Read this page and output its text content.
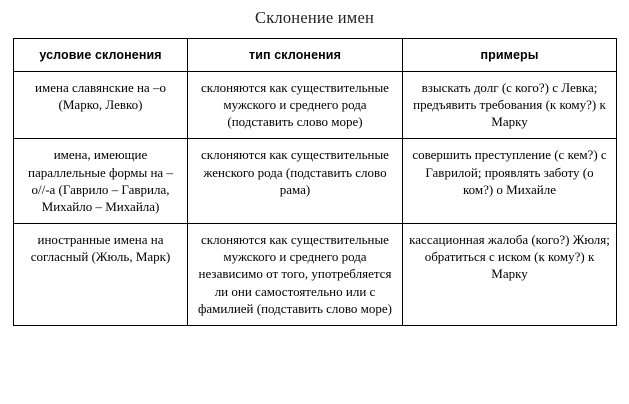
Склонение имен
условие склонения	тип склонения	примеры
имена славянские на –о (Марко, Левко)	склоняются как существительные мужского и среднего рода (подставить слово море)	взыскать долг (с кого?) с Левка; предъявить требования (к кому?) к Марку
имена, имеющие параллельные формы на –о//-а (Гаврило – Гаврила, Михайло – Михайла)	склоняются как существительные женского рода (подставить слово рама)	совершить преступление (с кем?) с Гаврилой; проявлять заботу (о ком?) о Михайле
иностранные имена на согласный (Жюль, Марк)	склоняются как существительные мужского и среднего рода независимо от того, употребляется ли они самостоятельно или с фамилией (подставить слово море)	кассационная жалоба (кого?) Жюля; обратиться с иском (к кому?) к Марку
